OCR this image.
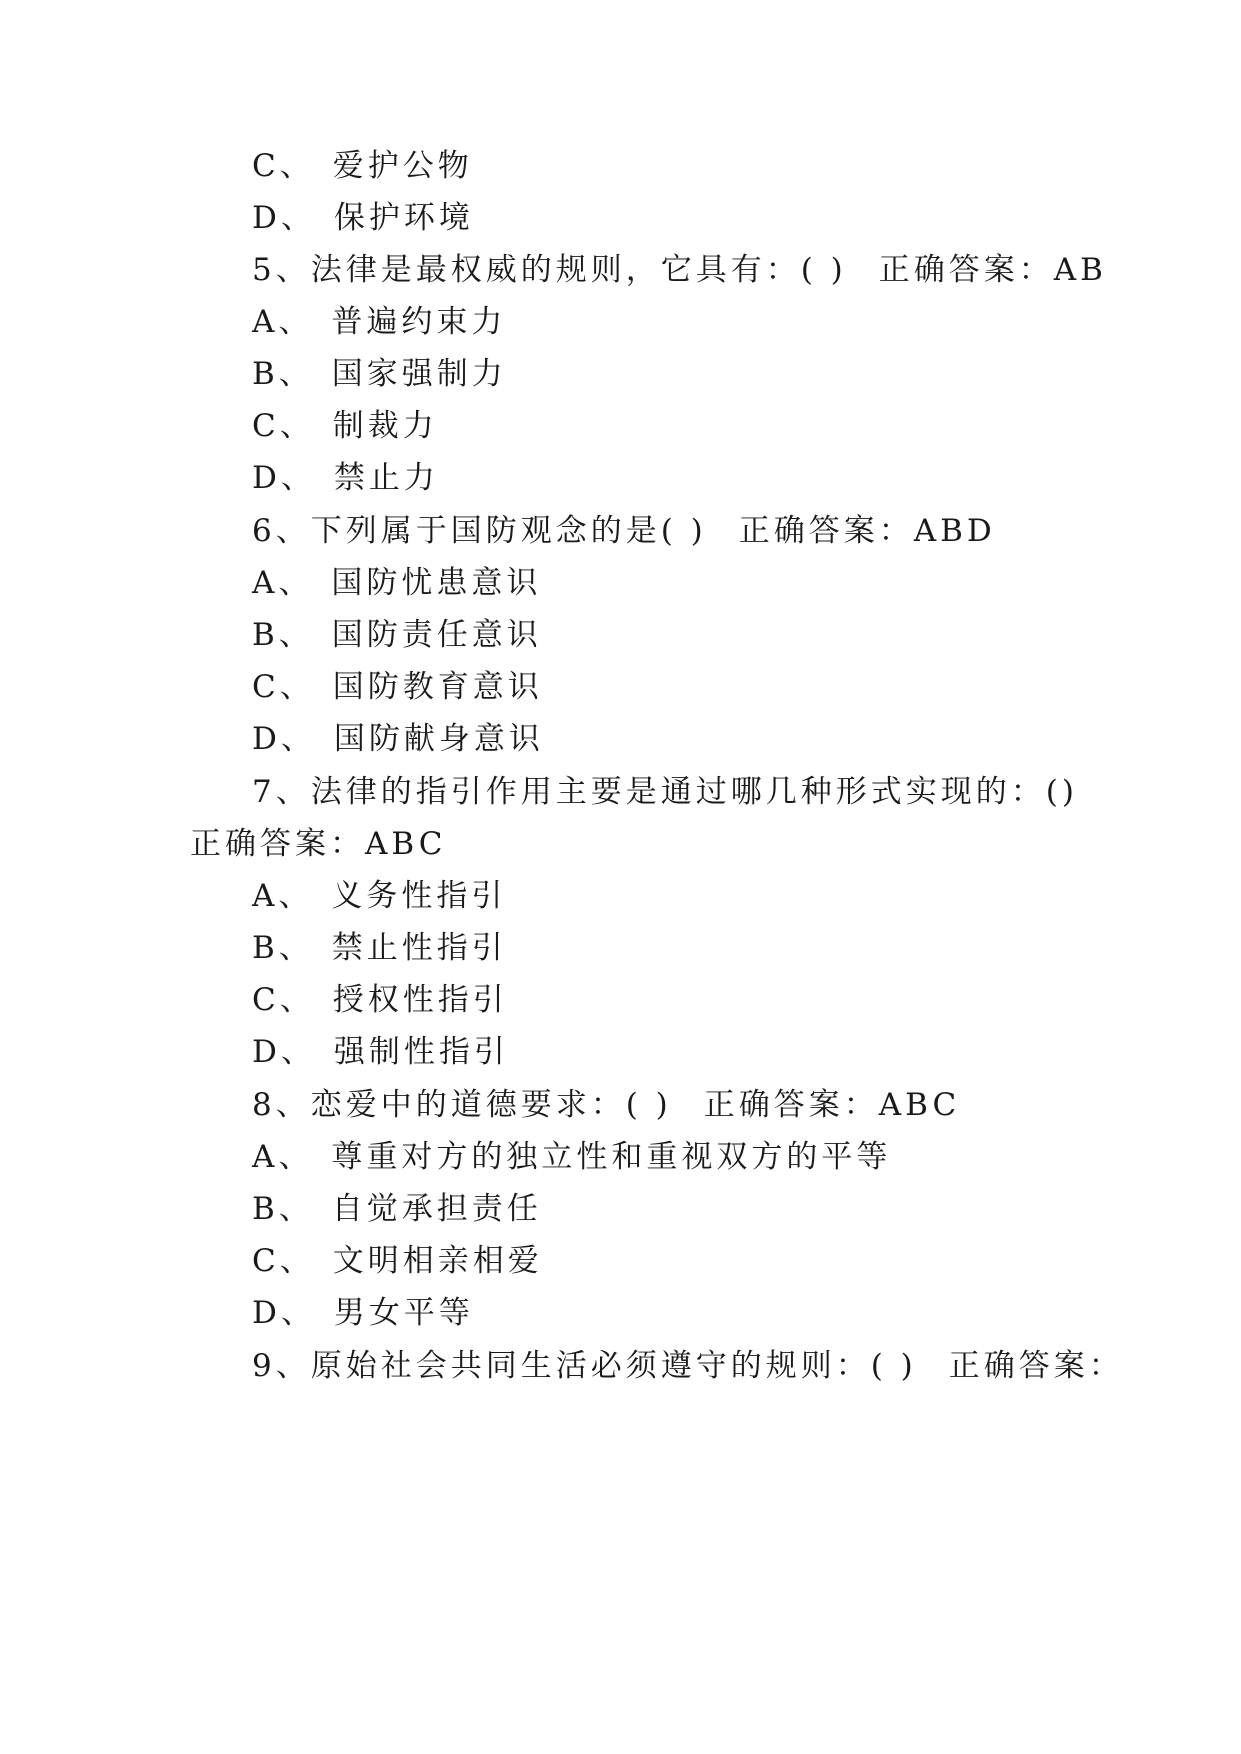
C、 爱护公物
D、 保护环境
5、法律是最权威的规则，它具有：( ) 正确答案：AB
A、 普遍约束力
B、 国家强制力
C、 制裁力
D、 禁止力
6、下列属于国防观念的是( ) 正确答案：ABD
A、 国防忧患意识
B、 国防责任意识
C、 国防教育意识
D、 国防献身意识
7、法律的指引作用主要是通过哪几种形式实现的：()
正确答案：ABC
A、 义务性指引
B、 禁止性指引
C、 授权性指引
D、 强制性指引
8、恋爱中的道德要求：( ) 正确答案：ABC
A、 尊重对方的独立性和重视双方的平等
B、 自觉承担责任
C、 文明相亲相爱
D、 男女平等
9、原始社会共同生活必须遵守的规则：( ) 正确答案：
